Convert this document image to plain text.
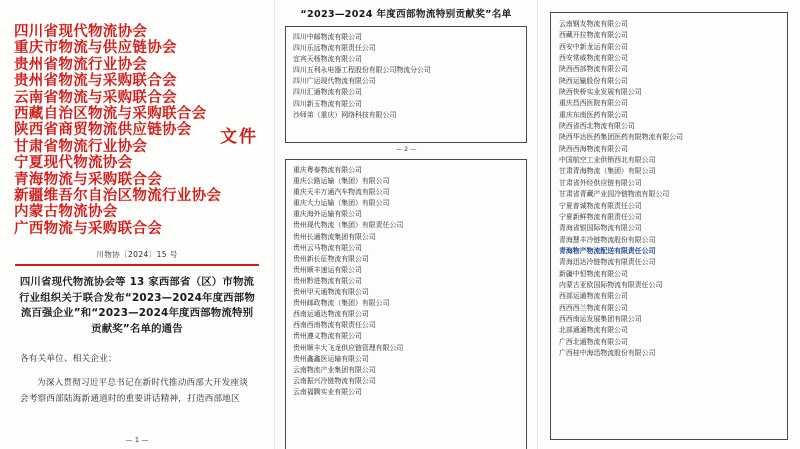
四川省现代物流协会
重庆市物流与供应链协会
贵州省物流行业协会
贵州省物流与采购联合会
云南省物流与采购联合会
西藏自治区物流与采购联合会
陕西省商贸物流供应链协会
甘肃省物流行业协会
宁夏现代物流协会
青海物流与采购联合会
新疆维吾尔自治区物流行业协会
内蒙古物流协会
广西物流与采购联合会
文件
川物协〔2024〕15 号
四川省现代物流协会等 13 家西部省（区）市物流行业组织关于联合发布“2023—2024年度西部物流百强企业”和“2023—2024年度西部物流特别贡献奖”名单的通告

各有关单位、相关企业：

为深入贯彻习近平总书记在新时代推动西部大开发座谈会考察西部陆海新通道时的重要讲话精神，打造西部地区

— 1 —
“2023—2024 年度西部物流特别贡献奖”名单
四川中邮物流有限公司
四川乐远物流有限责任公司
宜宾天杨物流有限公司
四川五利永电器工程股份有限公司物流分公司
四川广运现代物流有限公司
四川汇通物流有限公司
四川新玉物流有限公司
沙师弟（重庆）网络科技有限公司
— 2 —
重庆粤泰物流有限公司
重庆公路运输（集团）有限公司
重庆天丰万通汽车物流有限公司
重庆大力运输（集团）有限公司
重庆海外运输有限公司
贵州现代物流（集团）有限责任公司
贵州长通物流集团有限公司
贵州云马物流有限公司
贵州新长征物流有限公司
贵州顺丰速运有限公司
贵州黔进物流有限公司
贵州甲天通物流有限公司
贵州邮政物流（集团）有限公司
西南运通达物流有限公司
西南西南物流有限责任公司
贵州遵义物流有限公司
贵州顺丰大飞龙供应链管理有限公司
贵州鑫鑫医运输有限公司
云南物流产业集团有限公司
云南振兴冷链物流有限公司
云南福腾实业有限公司
云南钢友物流有限公司
西藏开拉物流有限公司
西安中新龙运有限公司
西安常威物流有限公司
陕西西部物流有限公司
陕西运输股份有限公司
陕西快桥实业发展有限公司
重庆昌西医院有限公司
重庆东南医药有限公司
陕西省西北物流有限公司
陕西华达医药集团医药有限物流有限公司
陕西西海物流有限公司
中国航空工业供销西北有限公司
甘肃青海物流（集团）有限公司
甘肃省外经供应链有限公司
甘肃省青藏产业园冷链物流有限公司
宁夏普诚物流有限责任公司
宁夏新鲜物流有限责任公司
青海省银国际物流有限公司
青海慧丰冷链物流股份有限公司
青海物产物流配送有限责任公司
青海迅达冷链物流有限责任公司
新疆中恒物流有限公司
内蒙古亚欧国际物流有限责任公司
西部运通物流有限公司
西西西兰物流有限公司
西西南运发展集团有限公司
北部通通物流有限公司
广西北通物流有限公司
广西桂中海迅物流股份有限公司
